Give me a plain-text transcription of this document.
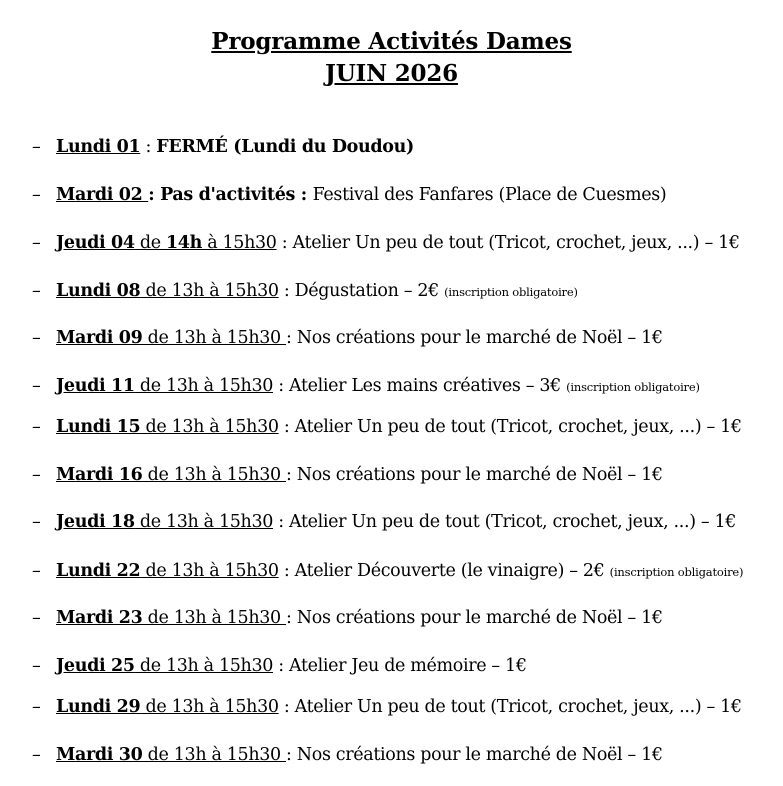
Programme Activités Dames
JUIN 2026
– Lundi 01 : FERMÉ (Lundi du Doudou)
– Mardi 02 : Pas d'activités : Festival des Fanfares (Place de Cuesmes)
– Jeudi 04 de 14h à 15h30 : Atelier Un peu de tout (Tricot, crochet, jeux, ...) – 1€
– Lundi 08 de 13h à 15h30 : Dégustation – 2€ (inscription obligatoire)
– Mardi 09 de 13h à 15h30 : Nos créations pour le marché de Noël – 1€
– Jeudi 11 de 13h à 15h30 : Atelier Les mains créatives – 3€ (inscription obligatoire)
– Lundi 15 de 13h à 15h30 : Atelier Un peu de tout (Tricot, crochet, jeux, ...) – 1€
– Mardi 16 de 13h à 15h30 : Nos créations pour le marché de Noël – 1€
– Jeudi 18 de 13h à 15h30 : Atelier Un peu de tout (Tricot, crochet, jeux, ...) – 1€
– Lundi 22 de 13h à 15h30 : Atelier Découverte (le vinaigre) – 2€ (inscription obligatoire)
– Mardi 23 de 13h à 15h30 : Nos créations pour le marché de Noël – 1€
– Jeudi 25 de 13h à 15h30 : Atelier Jeu de mémoire – 1€
– Lundi 29 de 13h à 15h30 : Atelier Un peu de tout (Tricot, crochet, jeux, ...) – 1€
– Mardi 30 de 13h à 15h30 : Nos créations pour le marché de Noël – 1€
